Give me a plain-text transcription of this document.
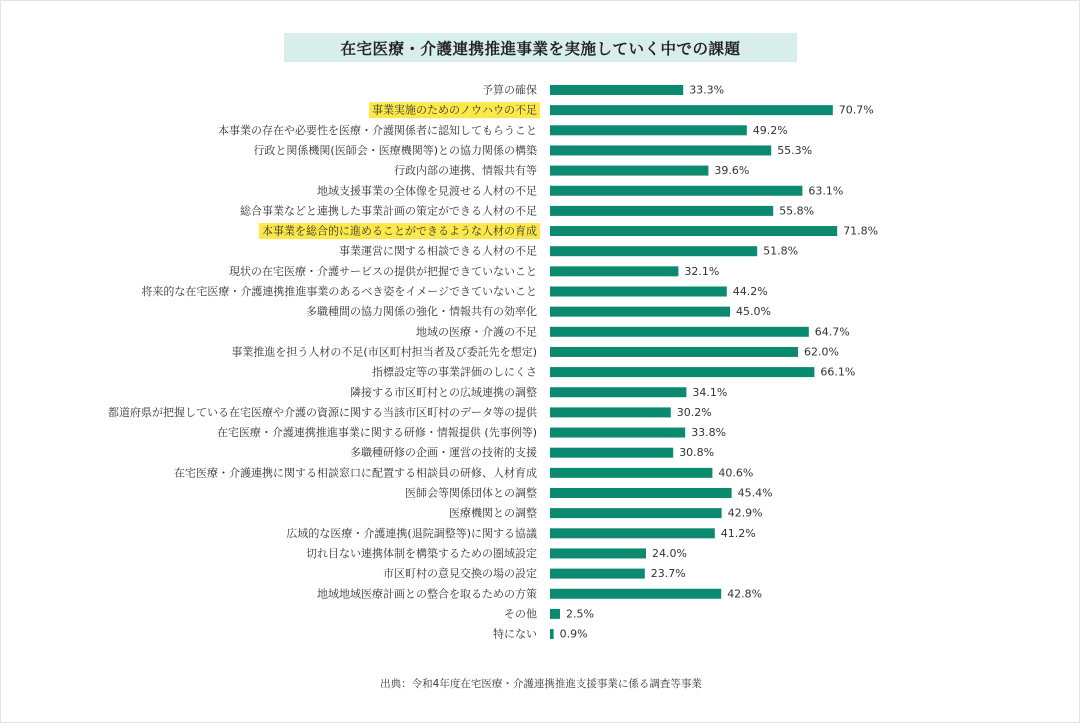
在宅医療・介護連携推進事業を実施していく中での課題
出典：令和4年度在宅医療・介護連携推進支援事業に係る調査等事業
予算の確保	33.3%
事業実施のためのノウハウの不足	70.7%
本事業の存在や必要性を医療・介護関係者に認知してもらうこと	49.2%
行政と関係機関(医師会・医療機関等)との協力関係の構築	55.3%
行政内部の連携、情報共有等	39.6%
地域支援事業の全体像を見渡せる人材の不足	63.1%
総合事業などと連携した事業計画の策定ができる人材の不足	55.8%
本事業を総合的に進めることができるような人材の育成	71.8%
事業運営に関する相談できる人材の不足	51.8%
現状の在宅医療・介護サービスの提供が把握できていないこと	32.1%
将来的な在宅医療・介護連携推進事業のあるべき姿をイメージできていないこと	44.2%
多職種間の協力関係の強化・情報共有の効率化	45.0%
地域の医療・介護の不足	64.7%
事業推進を担う人材の不足(市区町村担当者及び委託先を想定)	62.0%
指標設定等の事業評価のしにくさ	66.1%
隣接する市区町村との広域連携の調整	34.1%
都道府県が把握している在宅医療や介護の資源に関する当該市区町村のデータ等の提供	30.2%
在宅医療・介護連携推進事業に関する研修・情報提供 (先事例等)	33.8%
多職種研修の企画・運営の技術的支援	30.8%
在宅医療・介護連携に関する相談窓口に配置する相談員の研修、人材育成	40.6%
医師会等関係団体との調整	45.4%
医療機関との調整	42.9%
広域的な医療・介護連携(退院調整等)に関する協議	41.2%
切れ目ない連携体制を構築するための圏域設定	24.0%
市区町村の意見交換の場の設定	23.7%
地域地域医療計画との整合を取るための方策	42.8%
その他	2.5%
特にない 0.9%
